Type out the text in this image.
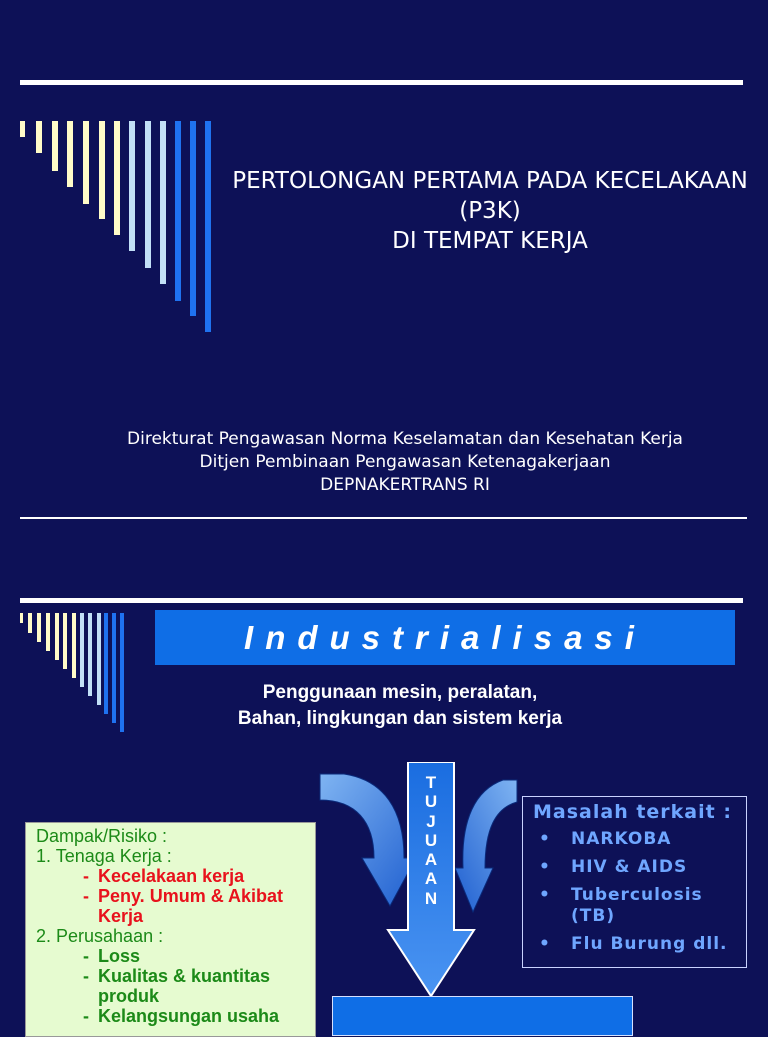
PERTOLONGAN PERTAMA PADA KECELAKAAN
(P3K)
DI TEMPAT KERJA
Direkturat Pengawasan Norma Keselamatan dan Kesehatan Kerja
Ditjen Pembinaan Pengawasan Ketenagakerjaan
DEPNAKERTRANS RI
Industrialisasi
Penggunaan mesin, peralatan,
Bahan, lingkungan dan sistem kerja
T
U
J
U
A
A
N
Dampak/Risiko :
1. Tenaga Kerja :
- Kecelakaan kerja
- Peny. Umum & Akibat Kerja
2. Perusahaan :
- Loss
- Kualitas & kuantitas produk
- Kelangsungan usaha
Masalah terkait :
• NARKOBA
• HIV & AIDS
• Tuberculosis (TB)
• Flu Burung dll.
